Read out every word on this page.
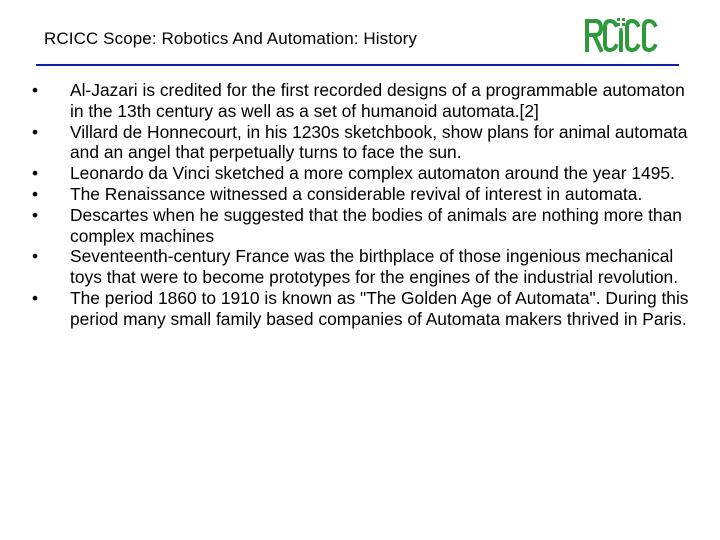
RCICC Scope: Robotics And Automation: History
• Al-Jazari is credited for the first recorded designs of a programmable automaton in the 13th century as well as a set of humanoid automata.[2]
• Villard de Honnecourt, in his 1230s sketchbook, show plans for animal automata and an angel that perpetually turns to face the sun.
• Leonardo da Vinci sketched a more complex automaton around the year 1495.
• The Renaissance witnessed a considerable revival of interest in automata.
• Descartes when he suggested that the bodies of animals are nothing more than complex machines
• Seventeenth-century France was the birthplace of those ingenious mechanical toys that were to become prototypes for the engines of the industrial revolution.
• The period 1860 to 1910 is known as "The Golden Age of Automata". During this period many small family based companies of Automata makers thrived in Paris.
